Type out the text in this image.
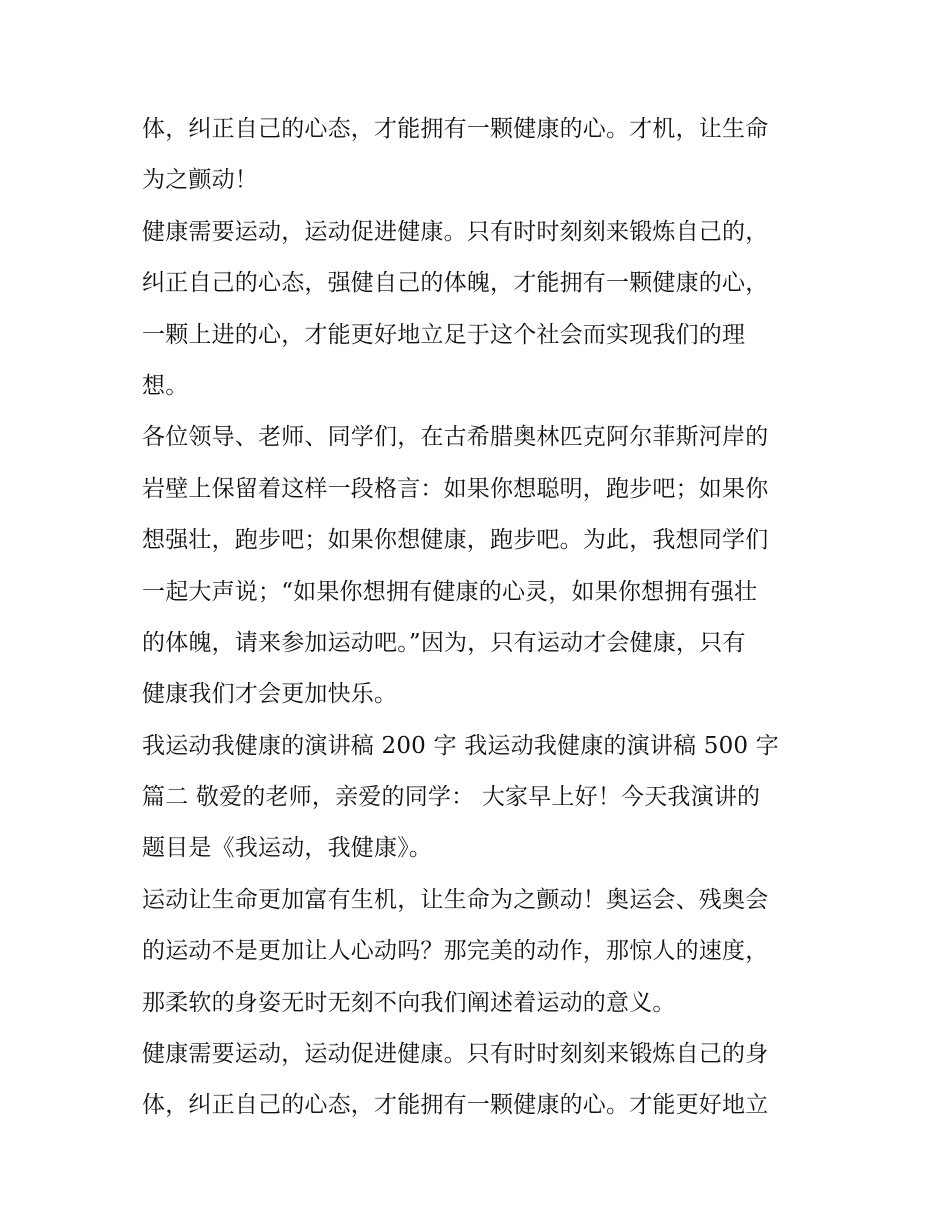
体，纠正自己的心态，才能拥有一颗健康的心。才机，让生命
为之颤动！
健康需要运动，运动促进健康。只有时时刻刻来锻炼自己的，
纠正自己的心态，强健自己的体魄，才能拥有一颗健康的心，
一颗上进的心，才能更好地立足于这个社会而实现我们的理
想。
各位领导、老师、同学们，在古希腊奥林匹克阿尔菲斯河岸的
岩壁上保留着这样一段格言：如果你想聪明，跑步吧；如果你
想强壮，跑步吧；如果你想健康，跑步吧。为此，我想同学们
一起大声说；“如果你想拥有健康的心灵，如果你想拥有强壮
的体魄，请来参加运动吧。”因为，只有运动才会健康，只有
健康我们才会更加快乐。
我运动我健康的演讲稿 200 字 我运动我健康的演讲稿 500 字
篇二 敬爱的老师，亲爱的同学： 大家早上好！今天我演讲的
题目是《我运动，我健康》。
运动让生命更加富有生机，让生命为之颤动！奥运会、残奥会
的运动不是更加让人心动吗？那完美的动作，那惊人的速度，
那柔软的身姿无时无刻不向我们阐述着运动的意义。
健康需要运动，运动促进健康。只有时时刻刻来锻炼自己的身
体，纠正自己的心态，才能拥有一颗健康的心。才能更好地立
